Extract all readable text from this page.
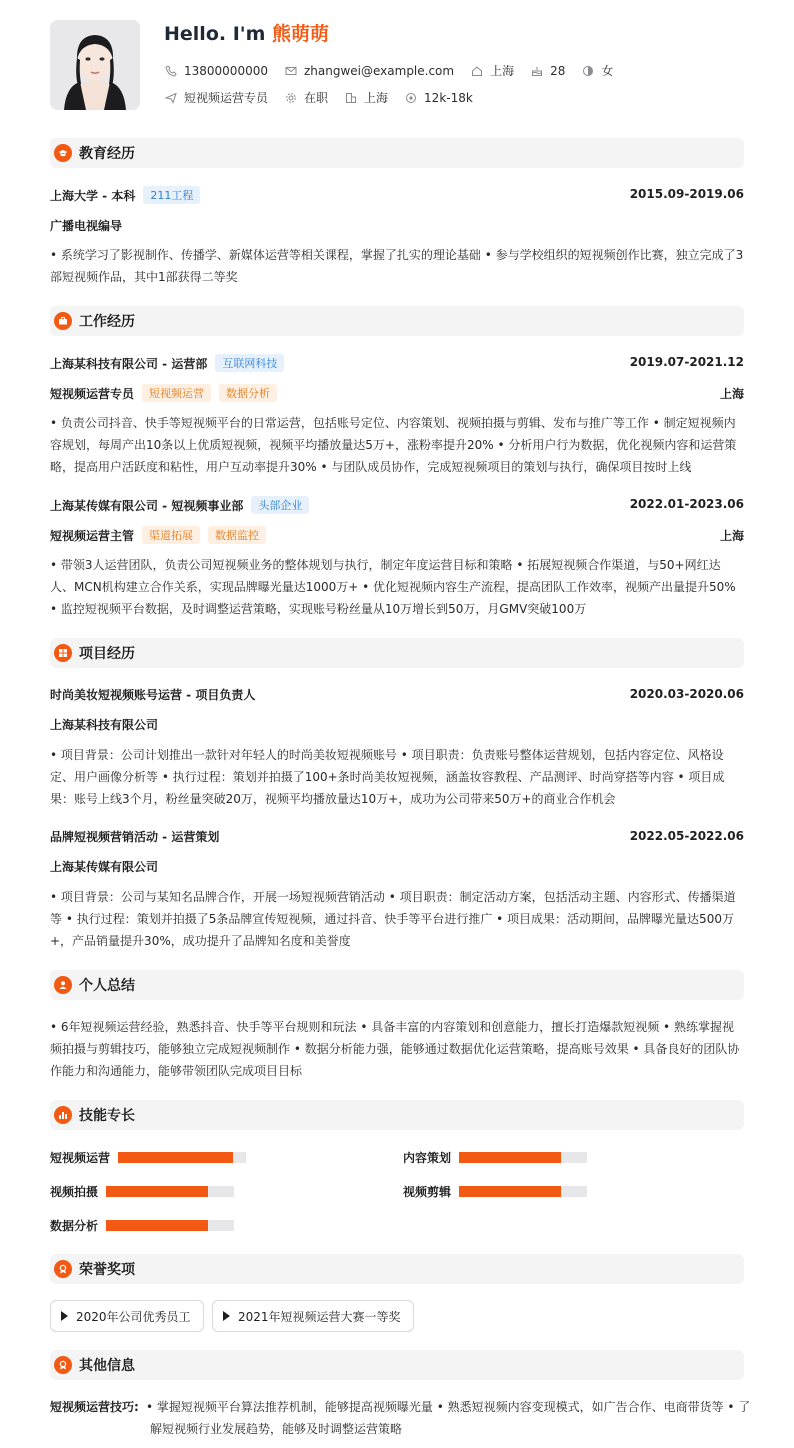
Hello. I'm 熊萌萌
13800000000	zhangwei@example.com	上海	28	女
短视频运营专员	在职	上海	12k-18k
教育经历
上海大学 - 本科	211工程	2015.09-2019.06
广播电视编导
• 系统学习了影视制作、传播学、新媒体运营等相关课程，掌握了扎实的理论基础 • 参与学校组织的短视频创作比赛，独立完成了3部短视频作品，其中1部获得二等奖
工作经历
上海某科技有限公司 - 运营部	互联网科技	2019.07-2021.12
短视频运营专员	短视频运营	数据分析	上海
• 负责公司抖音、快手等短视频平台的日常运营，包括账号定位、内容策划、视频拍摄与剪辑、发布与推广等工作 • 制定短视频内容规划，每周产出10条以上优质短视频，视频平均播放量达5万+，涨粉率提升20% • 分析用户行为数据，优化视频内容和运营策略，提高用户活跃度和粘性，用户互动率提升30% • 与团队成员协作，完成短视频项目的策划与执行，确保项目按时上线
上海某传媒有限公司 - 短视频事业部	头部企业	2022.01-2023.06
短视频运营主管	渠道拓展	数据监控	上海
• 带领3人运营团队，负责公司短视频业务的整体规划与执行，制定年度运营目标和策略 • 拓展短视频合作渠道，与50+网红达人、MCN机构建立合作关系，实现品牌曝光量达1000万+ • 优化短视频内容生产流程，提高团队工作效率，视频产出量提升50% • 监控短视频平台数据，及时调整运营策略，实现账号粉丝量从10万增长到50万，月GMV突破100万
项目经历
时尚美妆短视频账号运营 - 项目负责人	2020.03-2020.06
上海某科技有限公司
• 项目背景：公司计划推出一款针对年轻人的时尚美妆短视频账号 • 项目职责：负责账号整体运营规划，包括内容定位、风格设定、用户画像分析等 • 执行过程：策划并拍摄了100+条时尚美妆短视频，涵盖妆容教程、产品测评、时尚穿搭等内容 • 项目成果：账号上线3个月，粉丝量突破20万，视频平均播放量达10万+，成功为公司带来50万+的商业合作机会
品牌短视频营销活动 - 运营策划	2022.05-2022.06
上海某传媒有限公司
• 项目背景：公司与某知名品牌合作，开展一场短视频营销活动 • 项目职责：制定活动方案，包括活动主题、内容形式、传播渠道等 • 执行过程：策划并拍摄了5条品牌宣传短视频，通过抖音、快手等平台进行推广 • 项目成果：活动期间，品牌曝光量达500万+，产品销量提升30%，成功提升了品牌知名度和美誉度
个人总结
• 6年短视频运营经验，熟悉抖音、快手等平台规则和玩法 • 具备丰富的内容策划和创意能力，擅长打造爆款短视频 • 熟练掌握视频拍摄与剪辑技巧，能够独立完成短视频制作 • 数据分析能力强，能够通过数据优化运营策略，提高账号效果 • 具备良好的团队协作能力和沟通能力，能够带领团队完成项目目标
技能专长
短视频运营	内容策划
视频拍摄	视频剪辑
数据分析
荣誉奖项
2020年公司优秀员工	2021年短视频运营大赛一等奖
其他信息
短视频运营技巧: • 掌握短视频平台算法推荐机制，能够提高视频曝光量 • 熟悉短视频内容变现模式，如广告合作、电商带货等 • 了
解短视频行业发展趋势，能够及时调整运营策略
